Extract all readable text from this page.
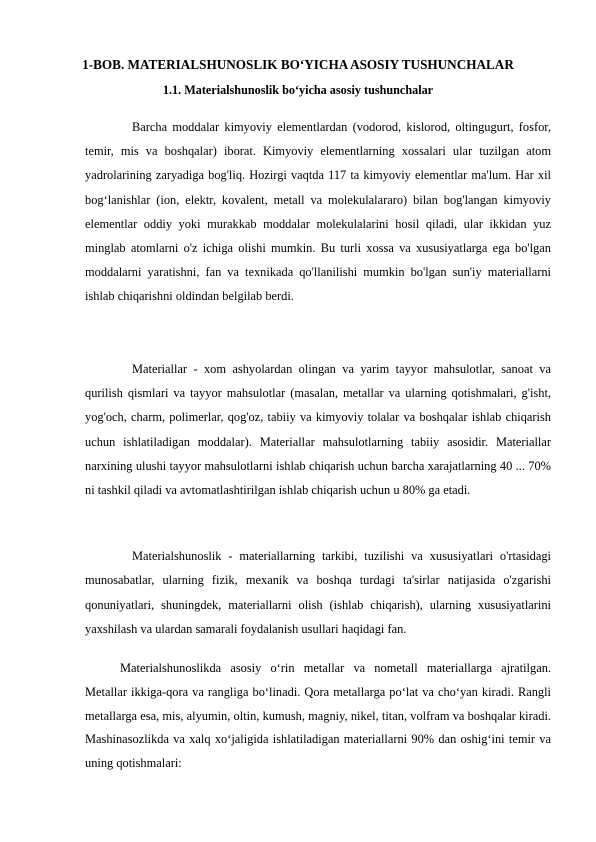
1-BOB. MATERIALSHUNOSLIK BO‘YICHA ASOSIY TUSHUNCHALAR
1.1. Materialshunoslik bo‘yicha asosiy tushunchalar

Barcha moddalar kimyoviy elementlardan (vodorod, kislorod, oltingugurt, fosfor, temir, mis va boshqalar) iborat. Kimyoviy elementlarning xossalari ular tuzilgan atom yadrolarining zaryadiga bog'liq. Hozirgi vaqtda 117 ta kimyoviy elementlar ma'lum. Har xil bog‘lanishlar (ion, elektr, kovalent, metall va molekulalararo) bilan bog'langan kimyoviy elementlar oddiy yoki murakkab moddalar molekulalarini hosil qiladi, ular ikkidan yuz minglab atomlarni o'z ichiga olishi mumkin. Bu turli xossa va xususiyatlarga ega bo'lgan moddalarni yaratishni, fan va texnikada qo'llanilishi mumkin bo'lgan sun'iy materiallarni ishlab chiqarishni oldindan belgilab berdi.

Materiallar - xom ashyolardan olingan va yarim tayyor mahsulotlar, sanoat va qurilish qismlari va tayyor mahsulotlar (masalan, metallar va ularning qotishmalari, g'isht, yog'och, charm, polimerlar, qog'oz, tabiiy va kimyoviy tolalar va boshqalar ishlab chiqarish uchun ishlatiladigan moddalar). Materiallar mahsulotlarning tabiiy asosidir. Materiallar narxining ulushi tayyor mahsulotlarni ishlab chiqarish uchun barcha xarajatlarning 40 ... 70% ni tashkil qiladi va avtomatlashtirilgan ishlab chiqarish uchun u 80% ga etadi.

Materialshunoslik - materiallarning tarkibi, tuzilishi va xususiyatlari o'rtasidagi munosabatlar, ularning fizik, mexanik va boshqa turdagi ta'sirlar natijasida o'zgarishi qonuniyatlari, shuningdek, materiallarni olish (ishlab chiqarish), ularning xususiyatlarini yaxshilash va ulardan samarali foydalanish usullari haqidagi fan.

Materialshunoslikda asosiy o‘rin metallar va nometall materiallarga ajratilgan. Metallar ikkiga-qora va rangliga bo‘linadi. Qora metallarga po‘lat va cho‘yan kiradi. Rangli metallarga esa, mis, alyumin, oltin, kumush, magniy, nikel, titan, volfram va boshqalar kiradi. Mashinasozlikda va xalq xo‘jaligida ishlatiladigan materiallarni 90% dan oshig‘ini temir va uning qotishmalari:
